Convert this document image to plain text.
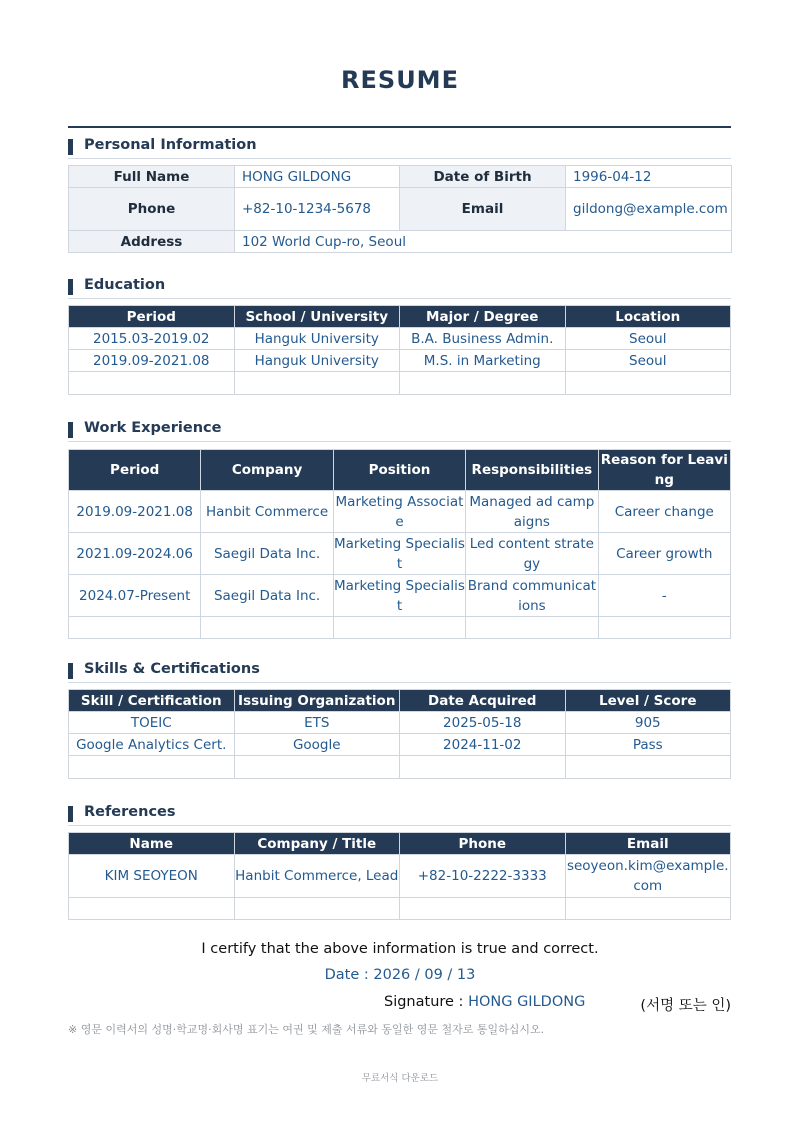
RESUME
Personal Information
Full Name	HONG GILDONG	Date of Birth	1996-04-12
Phone	+82-10-1234-5678	Email	gildong@example.com
Address	102 World Cup-ro, Seoul		
Education
Period	School / University	Major / Degree	Location
2015.03-2019.02	Hanguk University	B.A. Business Admin.	Seoul
2019.09-2021.08	Hanguk University	M.S. in Marketing	Seoul

Work Experience
Period	Company	Position	Responsibilities	Reason for Leaving
2019.09-2021.08	Hanbit Commerce	Marketing Associate	Managed ad campaigns	Career change
2021.09-2024.06	Saegil Data Inc.	Marketing Specialist	Led content strategy	Career growth
2024.07-Present	Saegil Data Inc.	Marketing Specialist	Brand communications	-

Skills & Certifications
Skill / Certification	Issuing Organization	Date Acquired	Level / Score
TOEIC	ETS	2025-05-18	905
Google Analytics Cert.	Google	2024-11-02	Pass

References
Name	Company / Title	Phone	Email
KIM SEOYEON	Hanbit Commerce, Lead	+82-10-2222-3333	seoyeon.kim@example.com

I certify that the above information is true and correct.
Date : 2026 / 09 / 13
Signature : HONG GILDONG	(서명 또는 인)
※ 영문 이력서의 성명·학교명·회사명 표기는 여권 및 제출 서류와 동일한 영문 철자로 통일하십시오.
무료서식 다운로드
